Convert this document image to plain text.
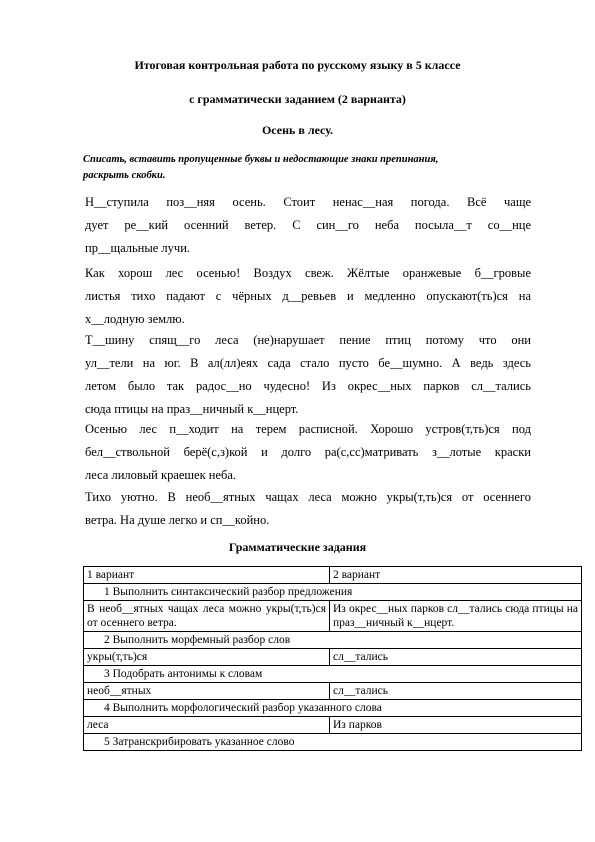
Итоговая контрольная работа по русскому языку в 5 классе
с грамматически заданием (2 варианта)
Осень в лесу.
Списать, вставить пропущенные буквы и недостающие знаки препинания,
раскрыть скобки.
Н__ступила поз__няя осень. Стоит ненас__ная погода. Всё чаще
дует ре__кий осенний ветер. С син__го неба посыла__т со__нце
пр__щальные лучи.
Как хорош лес осенью! Воздух свеж. Жёлтые оранжевые б__гровые
листья тихо падают с чёрных д__ревьев и медленно опускают(ть)ся на
х__лодную землю.
Т__шину спящ__го леса (не)нарушает пение птиц потому что они
ул__тели на юг. В ал(лл)еях сада стало пусто бе__шумно. А ведь здесь
летом было так радос__но чудесно! Из окрес__ных парков сл__тались
сюда птицы на праз__ничный к__нцерт.
Осенью лес п__ходит на терем расписной. Хорошо устров(т,ть)ся под
бел__ствольной берё(с,з)кой и долго ра(с,сс)матривать з__лотые краски
леса лиловый краешек неба.
Тихо уютно. В необ__ятных чащах леса можно укры(т,ть)ся от осеннего
ветра. На душе легко и сп__койно.
Грамматические задания
1 вариант	2 вариант
1 Выполнить синтаксический разбор предложения	
В необ__ятных чащах леса можно укры(т,ть)ся от осеннего ветра.	Из окрес__ных парков сл__тались сюда птицы на праз__ничный к__нцерт.
2 Выполнить морфемный разбор слов	
укры(т,ть)ся	сл__тались
3 Подобрать антонимы к словам	
необ__ятных	сл__тались
4 Выполнить морфологический разбор указанного слова	
леса	Из парков
5 Затранскрибировать указанное слово	
